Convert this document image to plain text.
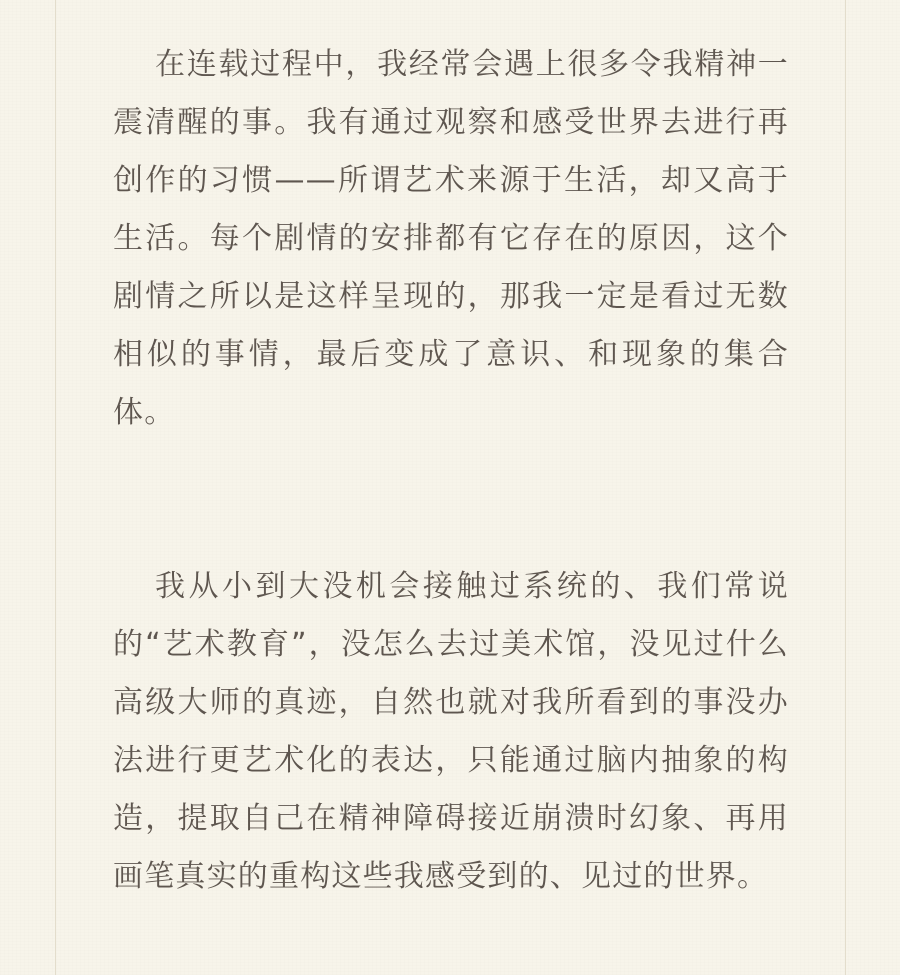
在连载过程中，我经常会遇上很多令我精神一震清醒的事。我有通过观察和感受世界去进行再创作的习惯——所谓艺术来源于生活，却又高于生活。每个剧情的安排都有它存在的原因，这个剧情之所以是这样呈现的，那我一定是看过无数相似的事情，最后变成了意识、和现象的集合体。

我从小到大没机会接触过系统的、我们常说的“艺术教育”，没怎么去过美术馆，没见过什么高级大师的真迹，自然也就对我所看到的事没办法进行更艺术化的表达，只能通过脑内抽象的构造，提取自己在精神障碍接近崩溃时幻象、再用画笔真实的重构这些我感受到的、见过的世界。
